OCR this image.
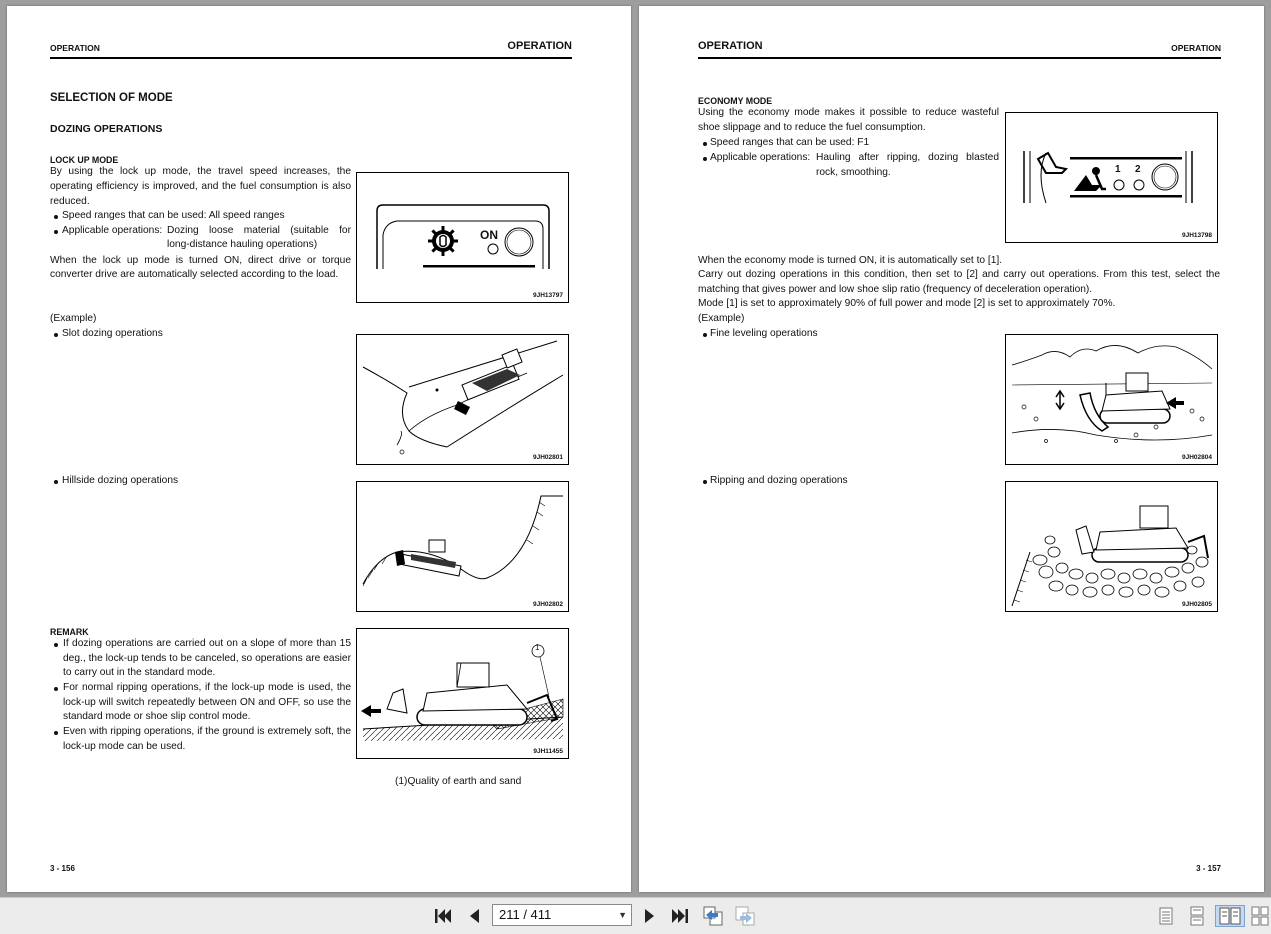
OPERATION	OPERATION
SELECTION OF MODE
DOZING OPERATIONS
LOCK UP MODE
By using the lock up mode, the travel speed increases, the
operating efficiency is improved, and the fuel consumption is also
reduced.
Speed ranges that can be used: All speed ranges
Applicable operations: Dozing loose material (suitable for
long-distance hauling operations)
When the lock up mode is turned ON, direct drive or torque
converter drive are automatically selected according to the load.
ON
9JH13797
(Example)
Slot dozing operations
9JH02801
Hillside dozing operations
9JH02802
REMARK
If dozing operations are carried out on a slope of more than 15
deg., the lock-up tends to be canceled, so operations are easier
to carry out in the standard mode.
For normal ripping operations, if the lock-up mode is used, the
lock-up will switch repeatedly between ON and OFF, so use the
standard mode or shoe slip control mode.
Even with ripping operations, if the ground is extremely soft, the
lock-up mode can be used.
1
9JH11455
(1)Quality of earth and sand
3 - 156
OPERATION	OPERATION
ECONOMY MODE
Using the economy mode makes it possible to reduce wasteful
shoe slippage and to reduce the fuel consumption.
Speed ranges that can be used: F1
Applicable operations: Hauling after ripping, dozing blasted
rock, smoothing.	1 2
9JH13798
When the economy mode is turned ON, it is automatically set to [1].
Carry out dozing operations in this condition, then set to [2] and carry out operations. From this test, select the
matching that gives power and low shoe slip ratio (frequency of deceleration operation).
Mode [1] is set to approximately 90% of full power and mode [2] is set to approximately 70%.
(Example)
Fine leveling operations
9JH02804
Ripping and dozing operations
9JH02805
3 - 157
211 / 411	▼
